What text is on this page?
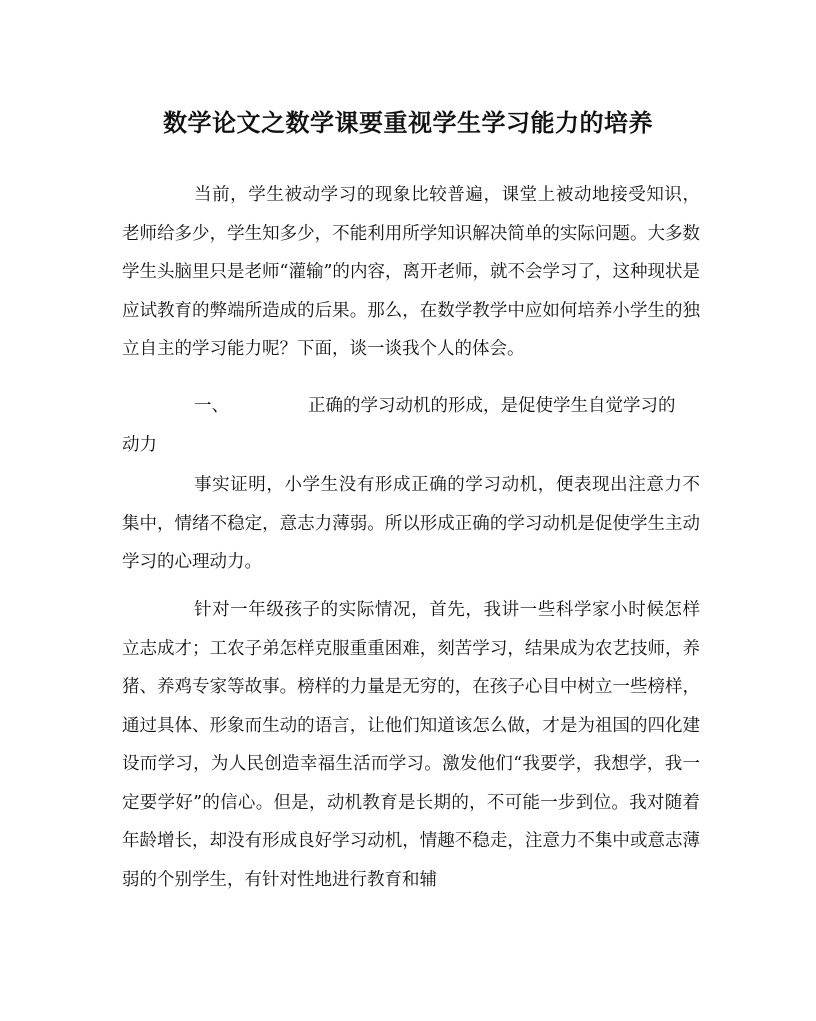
数学论文之数学课要重视学生学习能力的培养

当前，学生被动学习的现象比较普遍，课堂上被动地接受知识，老师给多少，学生知多少，不能利用所学知识解决简单的实际问题。大多数学生头脑里只是老师“灌输”的内容，离开老师，就不会学习了，这种现状是应试教育的弊端所造成的后果。那么，在数学教学中应如何培养小学生的独立自主的学习能力呢？下面，谈一谈我个人的体会。

一、	正确的学习动机的形成，是促使学生自觉学习的
动力

事实证明，小学生没有形成正确的学习动机，便表现出注意力不集中，情绪不稳定，意志力薄弱。所以形成正确的学习动机是促使学生主动学习的心理动力。

针对一年级孩子的实际情况，首先，我讲一些科学家小时候怎样立志成才；工农子弟怎样克服重重困难，刻苦学习，结果成为农艺技师，养猪、养鸡专家等故事。榜样的力量是无穷的，在孩子心目中树立一些榜样，通过具体、形象而生动的语言，让他们知道该怎么做，才是为祖国的四化建设而学习，为人民创造幸福生活而学习。激发他们“我要学，我想学，我一定要学好”的信心。但是，动机教育是长期的，不可能一步到位。我对随着年龄增长，却没有形成良好学习动机，情趣不稳走，注意力不集中或意志薄弱的个别学生，有针对性地进行教育和辅
